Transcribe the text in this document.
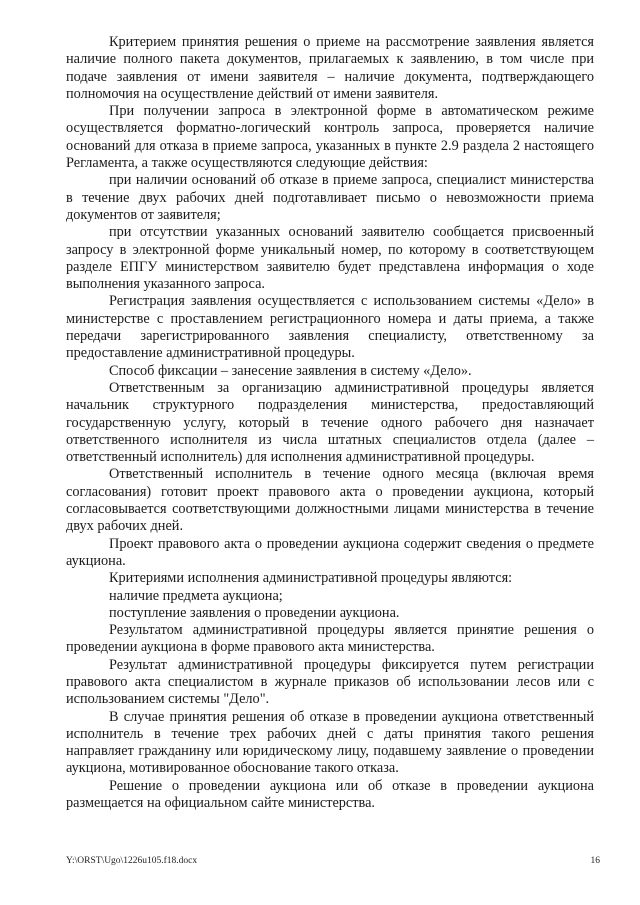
Критерием принятия решения о приеме на рассмотрение заявления является наличие полного пакета документов, прилагаемых к заявлению, в том числе при подаче заявления от имени заявителя – наличие документа, подтверждающего полномочия на осуществление действий от имени заявителя.

При получении запроса в электронной форме в автоматическом режиме осуществляется форматно-логический контроль запроса, проверяется наличие оснований для отказа в приеме запроса, указанных в пункте 2.9 раздела 2 настоящего Регламента, а также осуществляются следующие действия:

при наличии оснований об отказе в приеме запроса, специалист министерства в течение двух рабочих дней подготавливает письмо о невозможности приема документов от заявителя;

при отсутствии указанных оснований заявителю сообщается присвоенный запросу в электронной форме уникальный номер, по которому в соответствующем разделе ЕПГУ министерством заявителю будет представлена информация о ходе выполнения указанного запроса.

Регистрация заявления осуществляется с использованием системы «Дело» в министерстве с проставлением регистрационного номера и даты приема, а также передачи зарегистрированного заявления специалисту, ответственному за предоставление административной процедуры.

Способ фиксации – занесение заявления в систему «Дело».

Ответственным за организацию административной процедуры является начальник структурного подразделения министерства, предоставляющий государственную услугу, который в течение одного рабочего дня назначает ответственного исполнителя из числа штатных специалистов отдела (далее – ответственный исполнитель) для исполнения административной процедуры.

Ответственный исполнитель в течение одного месяца (включая время согласования) готовит проект правового акта о проведении аукциона, который согласовывается соответствующими должностными лицами министерства в течение двух рабочих дней.

Проект правового акта о проведении аукциона содержит сведения о предмете аукциона.

Критериями исполнения административной процедуры являются:

наличие предмета аукциона;

поступление заявления о проведении аукциона.

Результатом административной процедуры является принятие решения о проведении аукциона в форме правового акта министерства.

Результат административной процедуры фиксируется путем регистрации правового акта специалистом в журнале приказов об использовании лесов или с использованием системы "Дело".

В случае принятия решения об отказе в проведении аукциона ответственный исполнитель в течение трех рабочих дней с даты принятия такого решения направляет гражданину или юридическому лицу, подавшему заявление о проведении аукциона, мотивированное обоснование такого отказа.

Решение о проведении аукциона или об отказе в проведении аукциона размещается на официальном сайте министерства.

Y:\ORST\Ugo\1226u105.f18.docx	16
